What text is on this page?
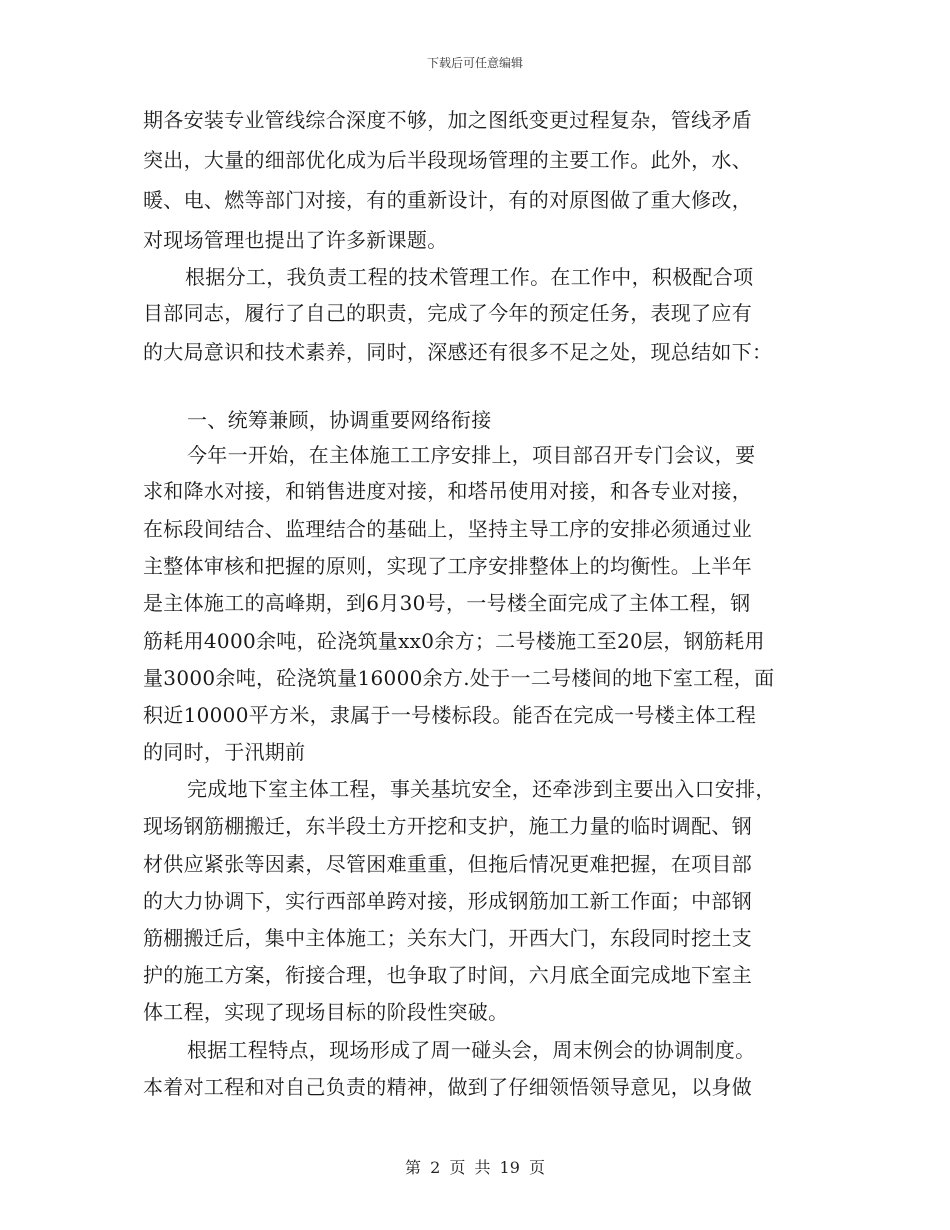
下载后可任意编辑
期各安装专业管线综合深度不够，加之图纸变更过程复杂，管线矛盾
突出，大量的细部优化成为后半段现场管理的主要工作。此外，水、
暖、电、燃等部门对接，有的重新设计，有的对原图做了重大修改，
对现场管理也提出了许多新课题。
根据分工，我负责工程的技术管理工作。在工作中，积极配合项
目部同志，履行了自己的职责，完成了今年的预定任务，表现了应有
的大局意识和技术素养，同时，深感还有很多不足之处，现总结如下：
一、统筹兼顾，协调重要网络衔接
今年一开始，在主体施工工序安排上，项目部召开专门会议，要
求和降水对接，和销售进度对接，和塔吊使用对接，和各专业对接，
在标段间结合、监理结合的基础上，坚持主导工序的安排必须通过业
主整体审核和把握的原则，实现了工序安排整体上的均衡性。上半年
是主体施工的高峰期，到6月30号，一号楼全面完成了主体工程，钢
筋耗用4000余吨，砼浇筑量xx0余方；二号楼施工至20层，钢筋耗用
量3000余吨，砼浇筑量16000余方.处于一二号楼间的地下室工程，面
积近10000平方米，隶属于一号楼标段。能否在完成一号楼主体工程
的同时，于汛期前
完成地下室主体工程，事关基坑安全，还牵涉到主要出入口安排，
现场钢筋棚搬迁，东半段土方开挖和支护，施工力量的临时调配、钢
材供应紧张等因素，尽管困难重重，但拖后情况更难把握，在项目部
的大力协调下，实行西部单跨对接，形成钢筋加工新工作面；中部钢
筋棚搬迁后，集中主体施工；关东大门，开西大门，东段同时挖土支
护的施工方案，衔接合理，也争取了时间，六月底全面完成地下室主
体工程，实现了现场目标的阶段性突破。
根据工程特点，现场形成了周一碰头会，周末例会的协调制度。
本着对工程和对自己负责的精神，做到了仔细领悟领导意见，以身做
第 2 页 共 19 页
